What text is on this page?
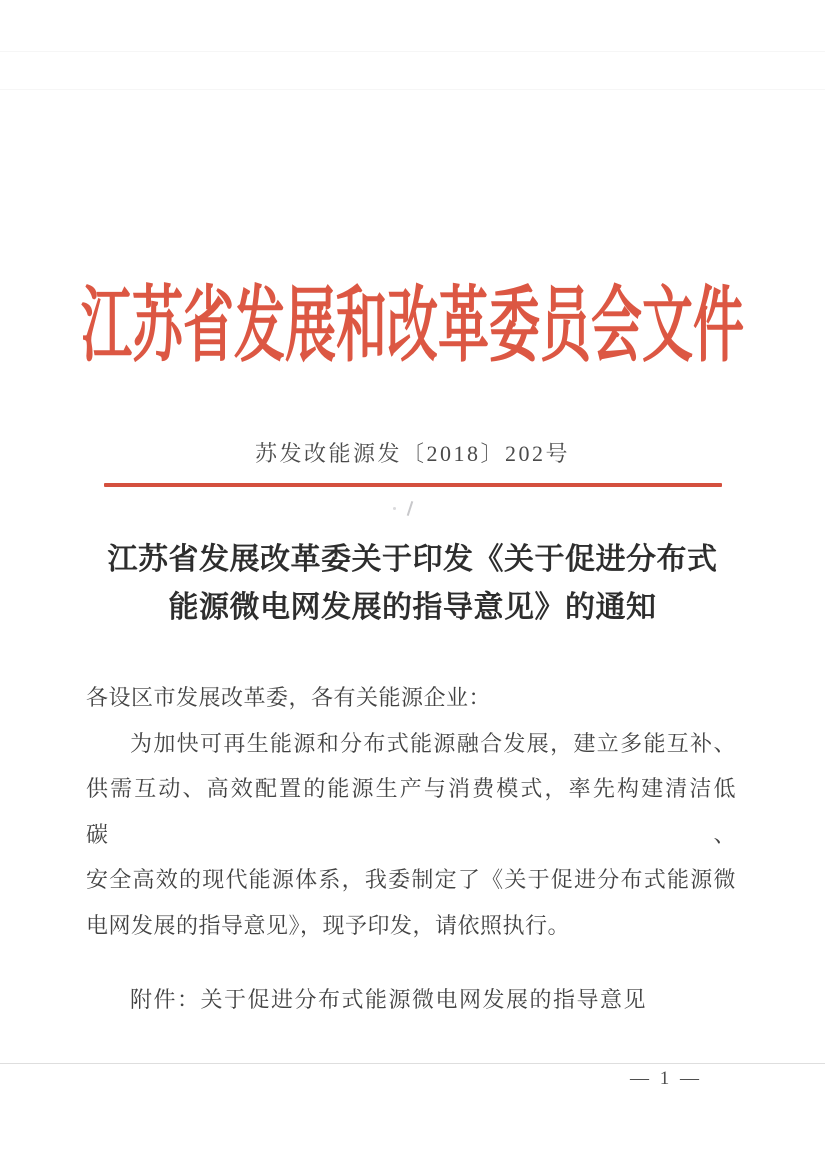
江苏省发展和改革委员会文件
苏发改能源发〔2018〕202号
江苏省发展改革委关于印发《关于促进分布式
能源微电网发展的指导意见》的通知
各设区市发展改革委，各有关能源企业：
为加快可再生能源和分布式能源融合发展，建立多能互补、
供需互动、高效配置的能源生产与消费模式，率先构建清洁低碳、
安全高效的现代能源体系，我委制定了《关于促进分布式能源微
电网发展的指导意见》，现予印发，请依照执行。
附件：关于促进分布式能源微电网发展的指导意见
— 1 —
